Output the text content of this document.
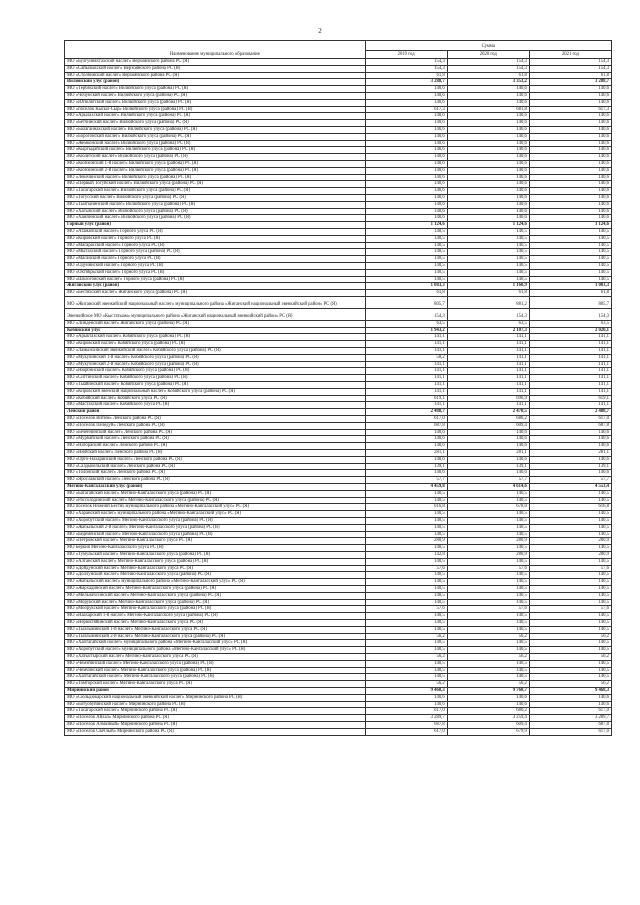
2
Наименование муниципального образования	Сумма		
	2019 год	2020 год	2021 год
МО «Булгунняхтахский наслег» Верхоянского района РС (Я)	154,3	154,3	154,3
МО «Сайылыкский наслег» Верхоянского района РС (Я)	154,3	154,3	154,3
МО «Столбинский наслег» Верхоянского района РС (Я)	61,8	61,8	61,8
Вилюйский улус (район)	3 288,7	3 353,2	3 288,7
МО «Тербяхский наслег» Вилюйского улуса (района) РС (Я)	140,6	140,6	140,6
МО «Чочунский наслег» Вилюйского улуса (района) РС (Я)	140,6	140,6	140,6
МО «Югюлятский наслег» Вилюйского улуса (района) РС (Я)	140,6	140,6	140,6
МО «поселок Кысыл-Сыр» Вилюйского улуса (района) РС (Я)	617,3	681,8	617,3
МО «Арылахский наслег» Вилюйского улуса (района) РС (Я)	140,6	140,6	140,6
МО «Бетчинский наслег» Вилюйского улуса (района) РС (Я)	140,6	140,6	140,6
МО «Балаганнахский наслег» Вилюйского улуса (района) РС (Я)	140,6	140,6	140,6
МО «Борогонский наслег» Вилюйского улуса (района) РС (Я)	140,6	140,6	140,6
МО «Жемконский наслег» Вилюйского улуса (района) РС (Я)	140,6	140,6	140,6
МО «Кыргыдайский наслег» Вилюйского улуса (района) РС (Я)	140,6	140,6	140,6
МО «Кюлетский наслег» Вилюйского улуса (района) РС (Я)	140,6	140,6	140,6
МО «Кюбэинский 1-й наслег» Вилюйского улуса (района) РС (Я)	140,6	140,6	140,6
МО «Кюбэинский 2-й наслег» Вилюйского улуса (района) РС (Я)	140,6	140,6	140,6
МО «Лекечинский наслег» Вилюйского улуса (района) РС (Я)	140,6	140,6	140,6
МО «Первый Тогуйский наслег» Вилюйского улуса (района) РС (Я)	140,6	140,6	140,6
МО «Тасагарский наслег» Вилюйского улуса (района) РС (Я)	140,6	140,6	140,6
МО «Тогусский наслег» Вилюйского улуса (района) РС (Я)	140,6	140,6	140,6
МО «Тылгынинский наслег» Вилюйского улуса (района) РС (Я)	140,6	140,6	140,6
МО «Хагынский наслег» Вилюйского улуса (района) РС (Я)	140,6	140,6	140,6
МО «Хампинский наслег» Вилюйского улуса (района) РС (Я)	140,6	140,6	140,6
Горный улус (район)	1 124,6	1 124,6	1 124,6
МО «Атамайский наслег» Горного улуса РС (Я)	140,5	140,5	140,5
МО «Кировский наслег» Горного улуса РС (Я)	140,5	140,5	140,5
МО «Магарасский наслег» Горного улуса РС (Я)	140,5	140,5	140,5
МО «Мытахский наслег» Горного улуса (района) РС (Я)	140,5	140,5	140,5
МО «Маганский наслег» Горного улуса РС (Я)	140,5	140,5	140,5
МО «Одунинский наслег» Горного улуса РС (Я)	140,5	140,5	140,5
МО «Октябрьский наслег» Горного улуса РС (Я)	140,5	140,5	140,5
МО «Шологонский наслег» Горного улуса (района) РС (Я)	140,5	140,5	140,5
Жиганский улус (район)	1 083,3	1 160,9	1 083,3
МО «Бестяхский наслег» Жиганского улуса (района) РС (Я)	61,8	61,8	61,8
МО «Жиганский эвенкийский национальный наслег» муниципального района «Жиганский национальный эвенкийский район» РС (Я)	805,7	881,2	805,7
Эвенкийское МО «Кыстатыам» муниципального района «Жиганский национальный эвенкийский район» РС (Я)	154,3	154,3	154,3
МО «Линденский наслег» Жиганского улуса (района) РС (Я)	63,5	63,5	63,5
Кобяйский улус	1 943,2	2 107,3	2 020,1
МО «Арыктахский наслег» Кобяйского улуса (района) РС (Я)	141,1	141,1	141,1
МО «Кировский наслег» Кобяйского улуса (района) РС (Я)	141,1	141,1	141,1
МО «Ламынхинский эвенкийский наслег» Кобяйского улуса (района) РС (Я)	141,1	141,1	141,1
МО «Мукучинский 1-й наслег» Кобяйского улуса (района) РС (Я)	58,2	141,1	141,1
МО «Мукучинский 2-й наслег» Кобяйского улуса (района) РС (Я)	141,1	141,1	141,1
МО «Нюрбинский наслег» Кобяйского улуса (района) РС (Я)	141,1	141,1	141,1
МО «Ситтинский наслег» Кобяйского улуса (района) РС (Я)	141,1	141,1	141,1
МО «Тыайинский наслег» Кобяйского улуса (района) РС (Я)	141,1	141,1	141,1
МО «Кировский эвенский национальный наслег» Кобяйского улуса (района) РС (Я)	141,1	141,1	141,1
МО «Кобяйский наслег» Кобяйского улуса РС (Я)	619,1	696,9	619,1
МО «Мастахский наслег» Кобяйского улуса РС (Я)	141,1	141,1	141,1
Ленский район	2 488,7	2 470,5	2 488,7
МО «Поселок Витим» Ленского района РС (Я)	617,0	680,2	617,0
МО «Поселок Пеледуй» Ленского района РС (Я)	687,8	609,4	687,8
МО «Беченчинский наслег» Ленского района РС (Я)	140,6	140,6	140,6
МО «Мурбайский наслег» Ленского района РС (Я)	140,6	140,6	140,6
МО «Натораский наслег» Ленского района РС (Я)	140,6	140,6	140,6
МО «Нюйский наслег» Ленского района РС (Я)	281,1	281,1	281,1
МО «Орто-Нахаринский наслег» Ленского района РС (Я)	140,6	140,6	140,6
МО «Салдыкельский наслег» Ленского района РС (Я)	139,1	139,1	139,1
МО «Толонский наслег» Ленского района РС (Я)	140,6	140,6	140,6
МО «Ярославский наслег» Ленского района РС (Я)	57,7	57,7	57,7
Мегино-Кангаласский улус (район)	4 459,8	4 614,6	4 553,4
МО «Батагайский наслег» Мегино-Кангаласского улуса (района) РС (Я)	140,5	140,5	140,5
МО «Рассолодинский наслег» Мегино-Кангаласского улуса (района) РС (Я)	140,5	140,5	140,5
МО поселок Нижний Бестях муниципального района «Мегино-Кангаласский улус» РС (Я)	616,8	678,0	616,8
МО «Харанский наслег» муниципального района «Мегино-Кангаласский улус» РС (Я)	140,5	140,5	140,5
МО «Хоробутский наслег» Мегино-Кангаласского улуса (района) РС (Я)	140,5	140,5	140,5
МО «Жабыльский 2-й наслег» Мегино-Кангаласского улуса (района) РС (Я)	140,5	140,5	140,5
МО «Бедеменский наслег» Мегино-Кангаласского улуса (района) РС (Я)	140,5	140,5	140,5
МО «Петровский наслег» Мегино-Кангаласского улуса РС (Я)	280,9	280,9	280,9
МО Беркия Мегино-Кангаласского улуса РС (Я)	140,5	140,5	140,5
МО «Тумульский наслег» Мегино-Кангаласского улуса (района) РС (Я)	142,8	280,9	280,9
МО «Алтанский наслег» Мегино-Кангаласского улуса (района) РС (Я)	140,5	140,5	140,5
МО «Дойдунский наслег» Мегино-Кангаласского улуса РС (Я)	57,6	57,6	57,6
МО «Доллунский наслег» Мегино-Кангаласского улуса (района) РС (Я)	140,5	140,5	140,5
МО «Жабыльский наслег» муниципального района «Мегино-Кангаласский улус» РС (Я)	140,5	140,5	140,5
МО «Жархадинский наслег» Мегино-Кангаласского улуса (района) РС (Я)	140,5	140,5	140,5
МО «Мельжехсинский наслег» Мегино-Кангаласского улуса (района) РС (Я)	140,5	140,5	140,5
МО «Морукский наслег» Мегино-Кангаласского улуса (района) РС (Я)	140,5	140,5	140,5
МО «Моорукский наслег» Мегино-Кангаласского улуса (района) РС (Я)	57,6	57,6	57,6
МО «Наахарский 1-й наслег» Мегино-Кангаласского улуса (района) РС (Я)	140,5	140,5	140,5
МО «Нерюктяйинский наслег» Мегино-Кангаласского улуса РС (Я)	140,5	140,5	140,5
МО «Тыллыминский 1-й наслег» Мегино-Кангаласского улуса РС (Я)	140,5	140,5	140,5
МО «Тыллыминский 2-й наслег» Мегино-Кангаласского улуса (района) РС (Я)	56,2	56,2	56,2
МО «Хаптагайский наслег» муниципального района «Мегино-Кангаласский улус» РС (Я)	140,5	140,5	140,5
МО «Хоробутский наслег» муниципального района «Мегино-Кангаласский улус» РС (Я)	140,5	140,5	140,5
МО «Хатыстырский наслег» Мегино-Кангаласского улуса РС (Я)	56,2	56,2	56,2
МО «Чемэйинский наслег» Мегино-Кангаласского улуса (района) РС (Я)	140,5	140,5	140,5
МО «Чемчинский наслег» Мегино-Кангаласского улуса (района) РС (Я)	140,5	140,5	140,5
МО «Хаптагайский наслег» Мегино-Кангаласского улуса (района) РС (Я)	140,5	140,5	140,5
МО «Томторский наслег» Мегино-Кангаласского улуса РС (Я)	56,2	56,2	56,2
Мирнинский район	9 468,3	9 768,7	9 468,3
МО «Сюльдюкарский национальный эвенкийский наслег» Мирнинского района РС (Я)	140,6	140,6	140,6
МО «Ботуобуйинский наслег» Мирнинского района РС (Я)	140,6	140,6	140,6
МО «Тасагарский наслег» Мирнинского района РС (Я)	617,0	680,2	617,0
МО «Поселок Айхал» Мирнинского района РС (Я)	3 289,7	3 259,4	3 289,7
МО «Поселок Алмазный» Мирнинского района РС (Я)	687,8	609,4	687,8
МО «Поселок Светлый» Мирнинского района РС (Я)	617,0	679,9	617,0
